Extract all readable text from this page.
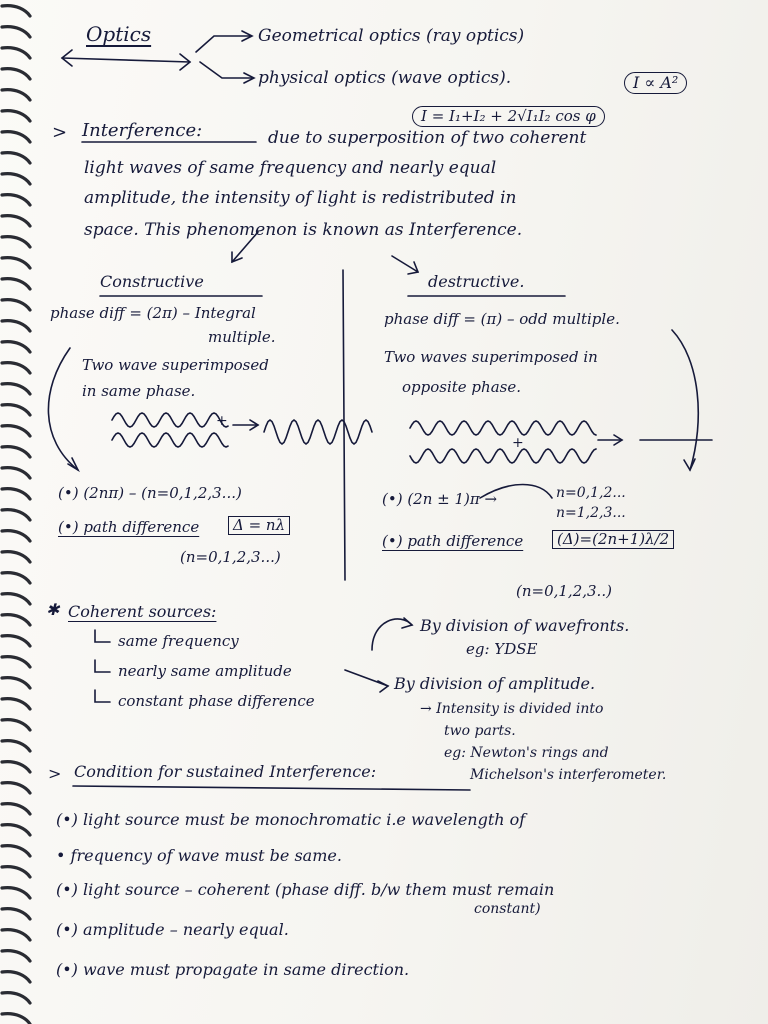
Optics	Geometrical optics (ray optics)
physical optics (wave optics).	I ∝ A²
I = I₁+I₂ + 2√I₁I₂ cos φ
> Interference:	due to superposition of two coherent
light waves of same frequency and nearly equal
amplitude, the intensity of light is redistributed in
space. This phenomenon is known as Interference.
Constructive
phase diff = (2π) – Integral
multiple.
Two wave superimposed
in same phase.
+
(•) (2nπ) – (n=0,1,2,3...)
(•) path difference	Δ = nλ
(n=0,1,2,3...)
destructive.
phase diff = (π) – odd multiple.
Two waves superimposed in
opposite phase.
+
(•) (2n ± 1)π →	n=0,1,2...
n=1,2,3...
(•) path difference	(Δ)=(2n+1)λ/2
(n=0,1,2,3..)
✱ Coherent sources:
same frequency
nearly same amplitude
constant phase difference
By division of wavefronts.
eg: YDSE
By division of amplitude.
→ Intensity is divided into
two parts.
eg: Newton's rings and
Michelson's interferometer.
> Condition for sustained Interference:
(•) light source must be monochromatic i.e wavelength of
• frequency of wave must be same.
(•) light source – coherent (phase diff. b/w them must remain
constant)
(•) amplitude – nearly equal.
(•) wave must propagate in same direction.
